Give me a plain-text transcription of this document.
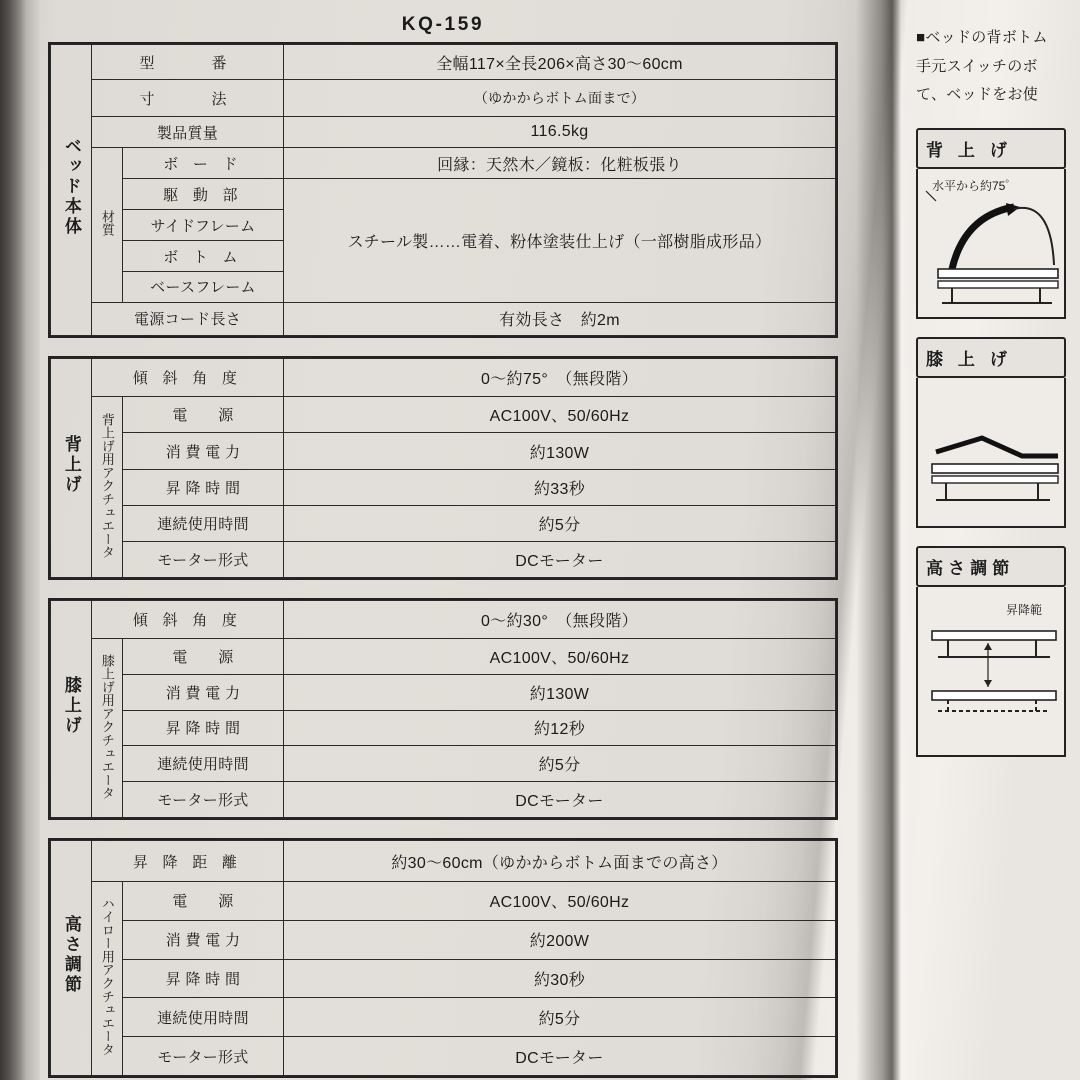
KQ-159
ベッド本体	型　　番		全幅117×全長206×高さ30〜60cm
	寸　　法		（ゆかからボトム面まで）
	製品質量		116.5kg
	材質	ボ ー ド	回縁：天然木／鏡板：化粧板張り
		駆 動 部	スチール製……電着、粉体塗装仕上げ（一部樹脂成形品）
		サイドフレーム	
		ボ ト ム	
		ベースフレーム	
	電源コード長さ		有効長さ　約2m
背上げ	傾 斜 角 度		0〜約75°　（無段階）
	背上げ用アクチュエータ	電　　源	AC100V、50/60Hz
		消 費 電 力	約130W
		昇 降 時 間	約33秒
		連続使用時間	約5分
		モーター形式	DCモーター
膝上げ	傾 斜 角 度		0〜約30°　（無段階）
	膝上げ用アクチュエータ	電　　源	AC100V、50/60Hz
		消 費 電 力	約130W
		昇 降 時 間	約12秒
		連続使用時間	約5分
		モーター形式	DCモーター
高さ調節	昇 降 距 離		約30〜60cm（ゆかからボトム面までの高さ）
	ハイロー用アクチュエータ	電　　源	AC100V、50/60Hz
		消 費 電 力	約200W
		昇 降 時 間	約30秒
		連続使用時間	約5分
		モーター形式	DCモーター
■ベッドの背ボトム
手元スイッチのボ
て、ベッドをお使
背 上 げ
水平から約75゜
膝 上 げ
高さ調節
昇降範
